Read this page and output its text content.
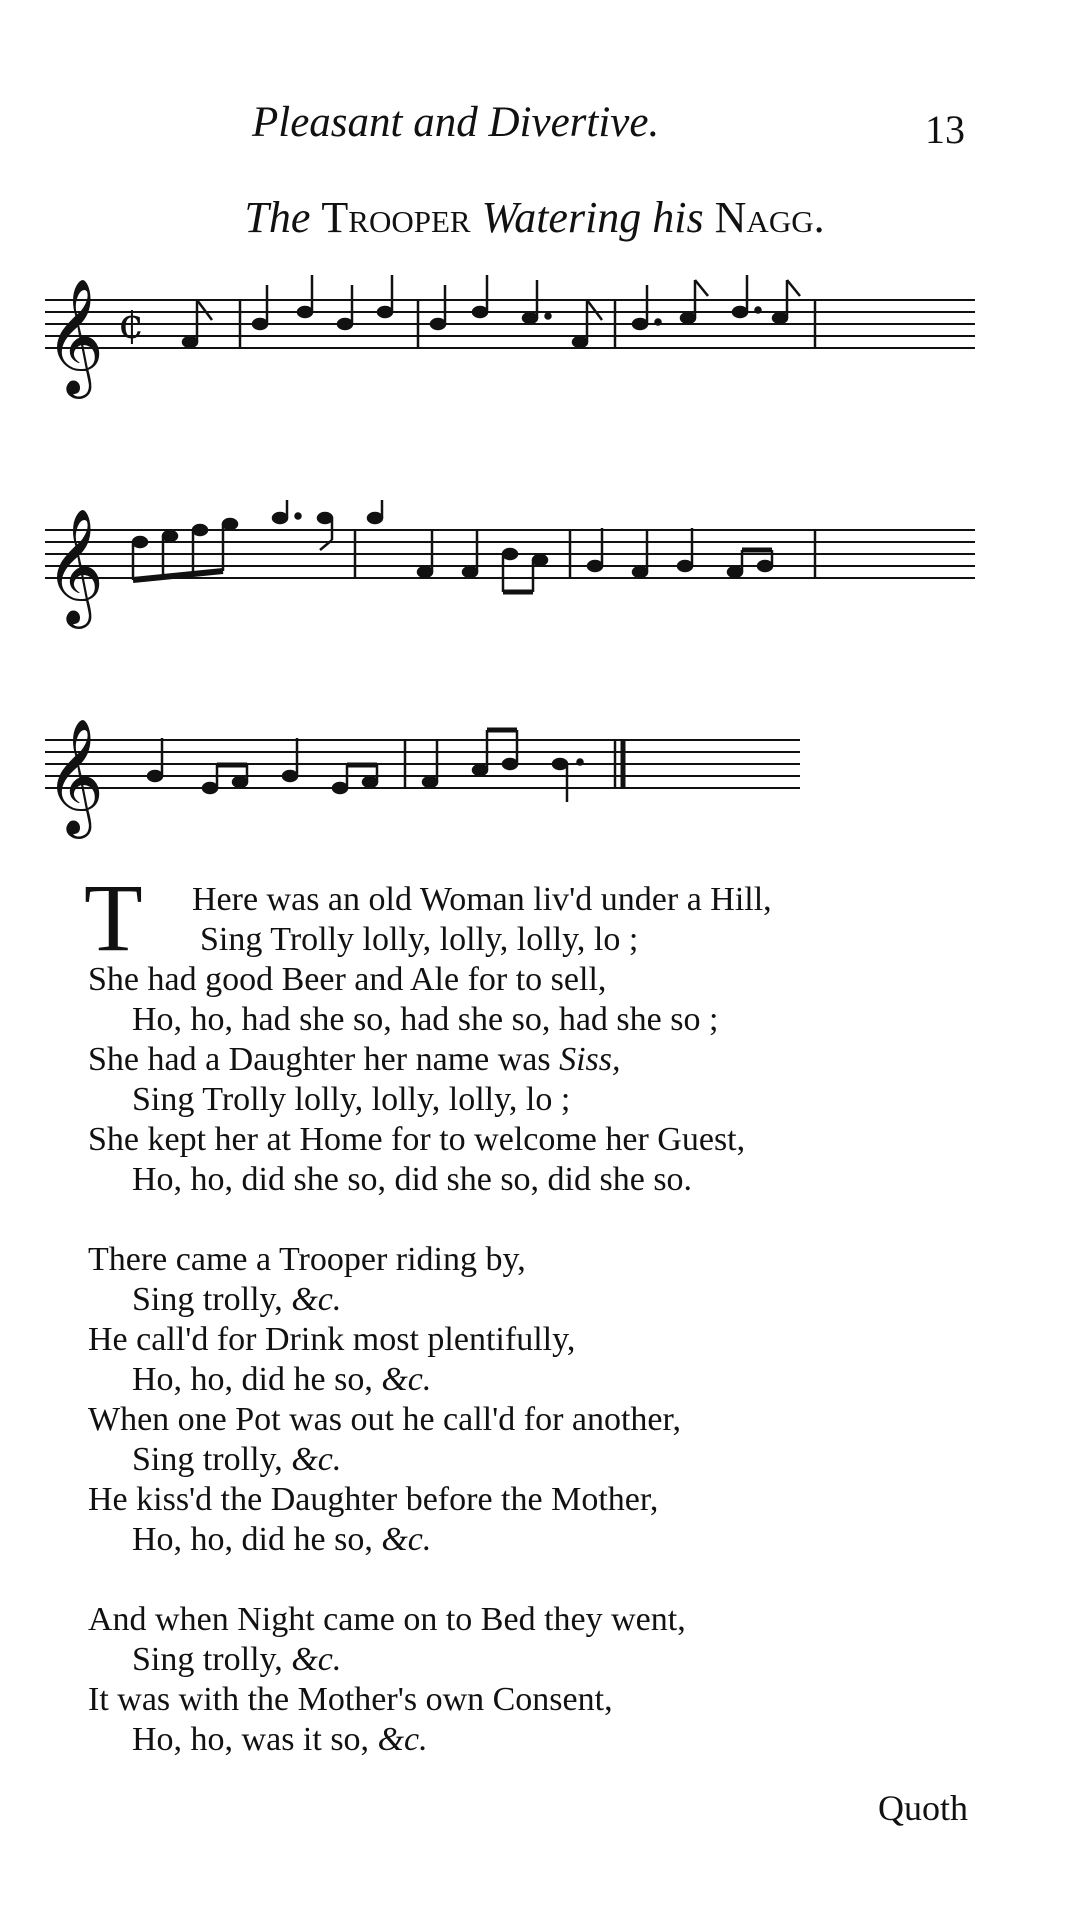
Pleasant and Divertive.	13
The Trooper Watering his Nagg.
𝄞 ¢
𝄞
𝄞
T Here was an old Woman liv'd under a Hill,
Sing Trolly lolly, lolly, lolly, lo ;
She had good Beer and Ale for to sell,
Ho, ho, had she so, had she so, had she so ;
She had a Daughter her name was Siss,
Sing Trolly lolly, lolly, lolly, lo ;
She kept her at Home for to welcome her Guest,
Ho, ho, did she so, did she so, did she so.
There came a Trooper riding by,
Sing trolly, &c.
He call'd for Drink most plentifully,
Ho, ho, did he so, &c.
When one Pot was out he call'd for another,
Sing trolly, &c.
He kiss'd the Daughter before the Mother,
Ho, ho, did he so, &c.
And when Night came on to Bed they went,
Sing trolly, &c.
It was with the Mother's own Consent,
Ho, ho, was it so, &c.
Quoth
